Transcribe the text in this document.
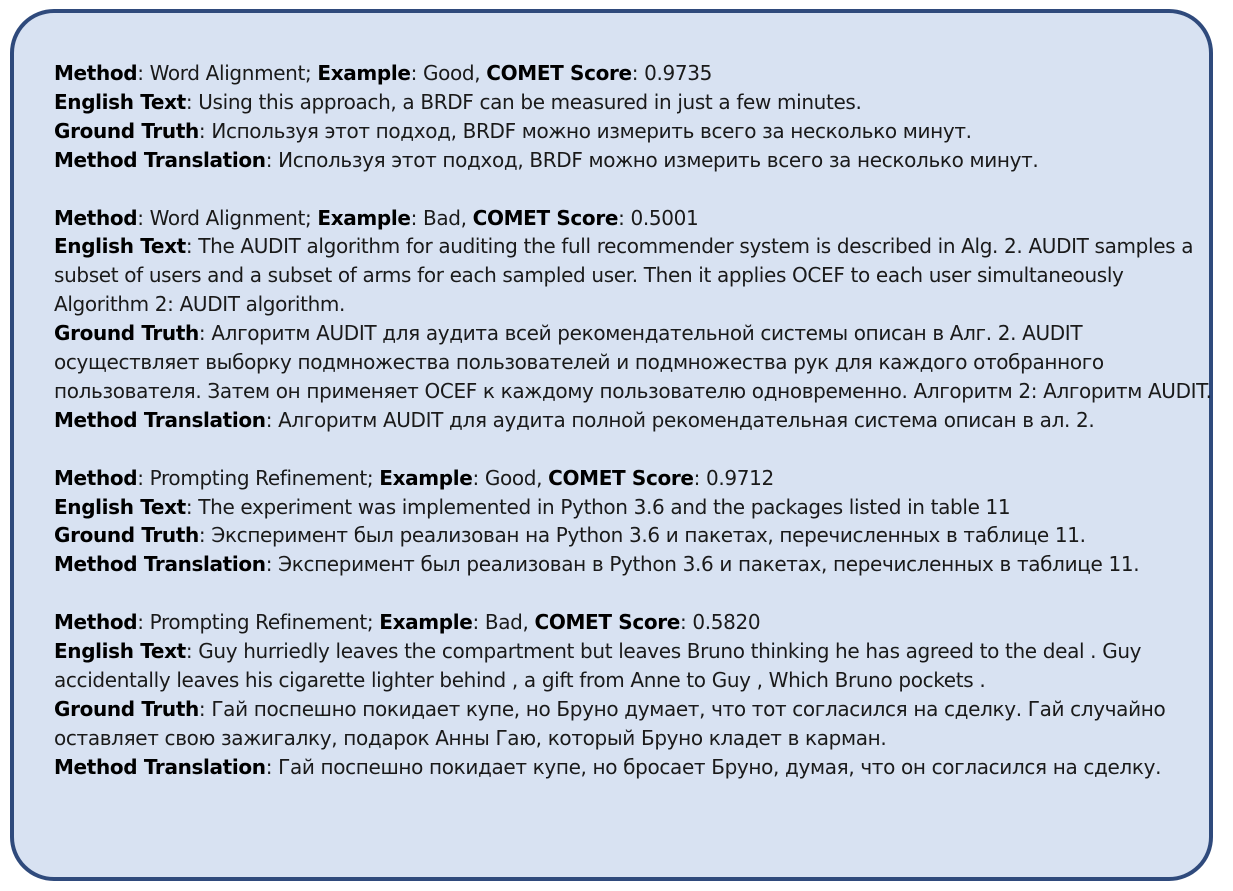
Method: Word Alignment; Example: Good, COMET Score: 0.9735

English Text: Using this approach, a BRDF can be measured in just a few minutes.

Ground Truth: Используя этот подход, BRDF можно измерить всего за несколько минут.

Method Translation: Используя этот подход, BRDF можно измерить всего за несколько минут.

Method: Word Alignment; Example: Bad, COMET Score: 0.5001

English Text: The AUDIT algorithm for auditing the full recommender system is described in Alg. 2. AUDIT samples a subset of users and a subset of arms for each sampled user. Then it applies OCEF to each user simultaneously Algorithm 2: AUDIT algorithm.

Ground Truth: Алгоритм AUDIT для аудита всей рекомендательной системы описан в Алг. 2. AUDIT осуществляет выборку подмножества пользователей и подмножества рук для каждого отобранного пользователя. Затем он применяет OCEF к каждому пользователю одновременно. Алгоритм 2: Алгоритм AUDIT.

Method Translation: Алгоритм AUDIT для аудита полной рекомендательная система описан в ал. 2.

Method: Prompting Refinement; Example: Good, COMET Score: 0.9712

English Text: The experiment was implemented in Python 3.6 and the packages listed in table 11

Ground Truth: Эксперимент был реализован на Python 3.6 и пакетах, перечисленных в таблице 11.

Method Translation: Эксперимент был реализован в Python 3.6 и пакетах, перечисленных в таблице 11.

Method: Prompting Refinement; Example: Bad, COMET Score: 0.5820

English Text: Guy hurriedly leaves the compartment but leaves Bruno thinking he has agreed to the deal . Guy accidentally leaves his cigarette lighter behind , a gift from Anne to Guy , Which Bruno pockets .

Ground Truth: Гай поспешно покидает купе, но Бруно думает, что тот согласился на сделку. Гай случайно оставляет свою зажигалку, подарок Анны Гаю, который Бруно кладет в карман.

Method Translation: Гай поспешно покидает купе, но бросает Бруно, думая, что он согласился на сделку.
